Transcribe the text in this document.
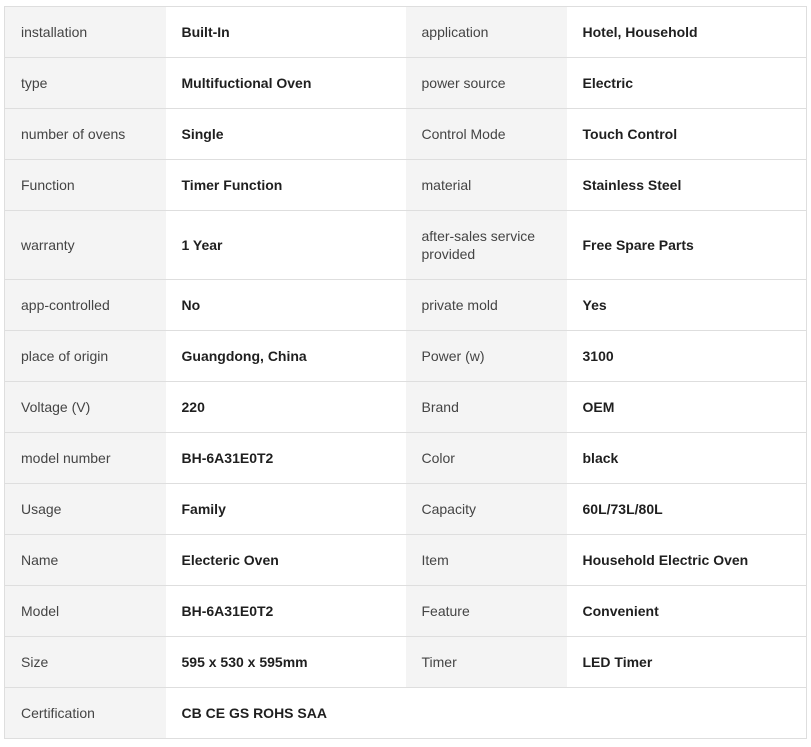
installation	Built-In	application	Hotel, Household
type	Multifuctional Oven	power source	Electric
number of ovens	Single	Control Mode	Touch Control
Function	Timer Function	material	Stainless Steel
warranty	1 Year	after-sales service provided	Free Spare Parts
app-controlled	No	private mold	Yes
place of origin	Guangdong, China	Power (w)	3100
Voltage (V)	220	Brand	OEM
model number	BH-6A31E0T2	Color	black
Usage	Family	Capacity	60L/73L/80L
Name	Electeric Oven	Item	Household Electric Oven
Model	BH-6A31E0T2	Feature	Convenient
Size	595 x 530 x 595mm	Timer	LED Timer
Certification	CB CE GS ROHS SAA		
